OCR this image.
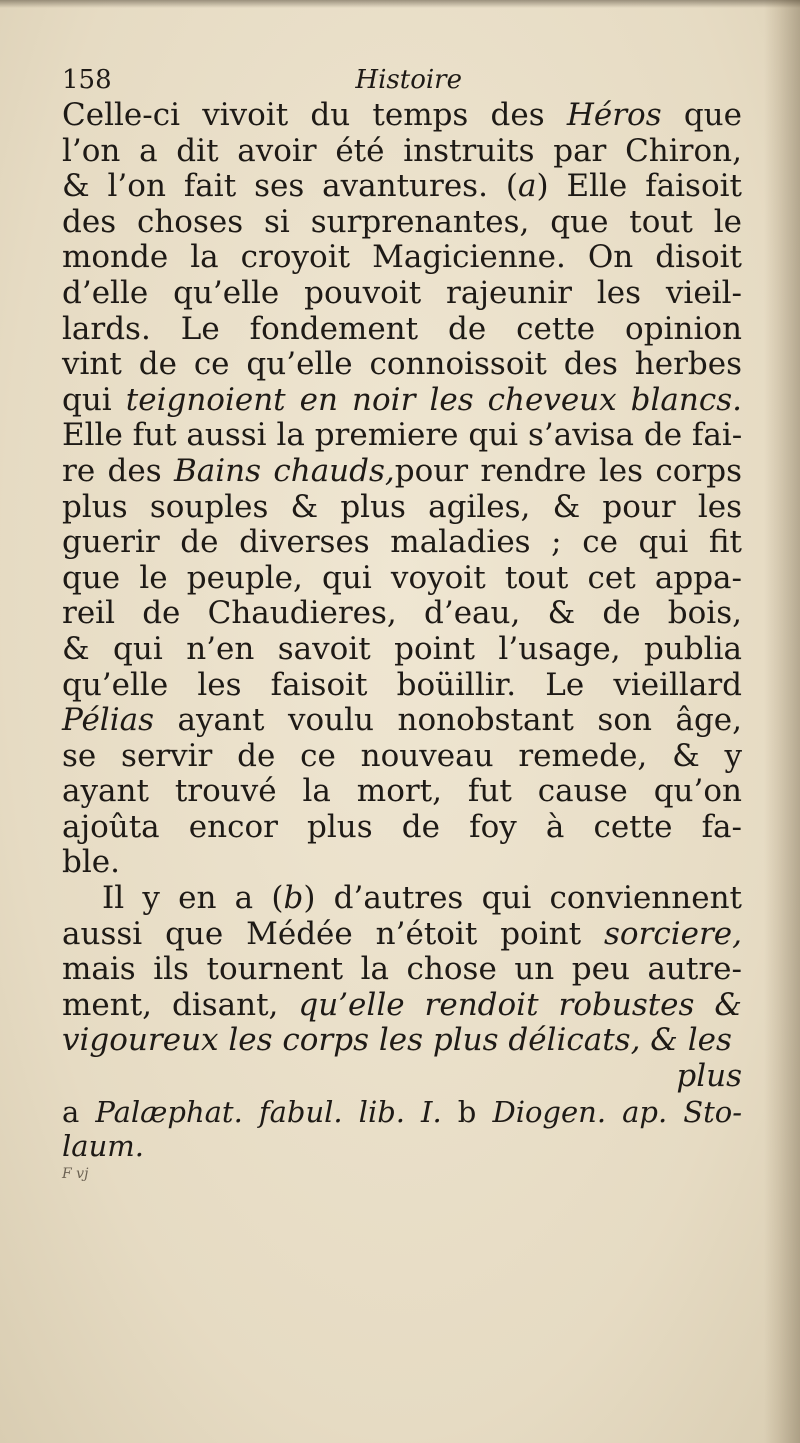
158	Histoire
Celle-ci vivoit du temps des Héros que
l’on a dit avoir été instruits par Chiron,
& l’on fait ses avantures. (a) Elle faisoit
des choses si surprenantes, que tout le
monde la croyoit Magicienne. On disoit
d’elle qu’elle pouvoit rajeunir les vieil-
lards. Le fondement de cette opinion
vint de ce qu’elle connoissoit des herbes
qui teignoient en noir les cheveux blancs.
Elle fut aussi la premiere qui s’avisa de fai-
re des Bains chauds,pour rendre les corps
plus souples & plus agiles, & pour les
guerir de diverses maladies ; ce qui fit
que le peuple, qui voyoit tout cet appa-
reil de Chaudieres, d’eau, & de bois,
& qui n’en savoit point l’usage, publia
qu’elle les faisoit boüillir. Le vieillard
Pélias ayant voulu nonobstant son âge,
se servir de ce nouveau remede, & y
ayant trouvé la mort, fut cause qu’on
ajoûta encor plus de foy à cette fa-
ble.
Il y en a (b) d’autres qui conviennent
aussi que Médée n’étoit point sorciere,
mais ils tournent la chose un peu autre-
ment, disant, qu’elle rendoit robustes &
vigoureux les corps les plus délicats, & les
plus
a Palæphat. fabul. lib. I. b Diogen. ap. Sto-
laum.
F vj
